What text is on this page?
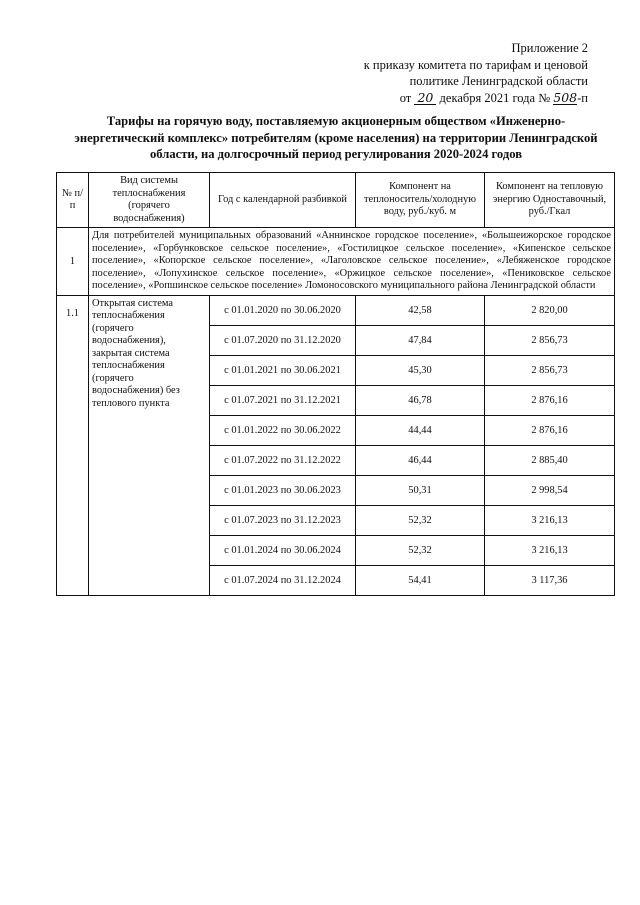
Приложение 2
к приказу комитета по тарифам и ценовой
политике Ленинградской области
от 20 декабря 2021 года № 508-п
Тарифы на горячую воду, поставляемую акционерным обществом «Инженерно-
энергетический комплекс» потребителям (кроме населения) на территории Ленинградской
области, на долгосрочный период регулирования 2020-2024 годов
№ п/п	Вид системы теплоснабжения (горячего водоснабжения)	Год с календарной разбивкой	Компонент на теплоноситель/холодную воду, руб./куб. м	Компонент на тепловую энергию Одноставочный, руб./Гкал
1	Для потребителей муниципальных образований «Аннинское городское поселение», «Большеижорское городское поселение», «Горбунковское сельское поселение», «Гостилицкое сельское поселение», «Кипенское сельское поселение», «Копорское сельское поселение», «Лаголовское сельское поселение», «Лебяженское городское поселение», «Лопухинское сельское поселение», «Оржицкое сельское поселение», «Пениковское сельское поселение», «Ропшинское сельское поселение» Ломоносовского муниципального района Ленинградской области			
1.1	Открытая система теплоснабжения (горячего водоснабжения), закрытая система теплоснабжения (горячего водоснабжения) без теплового пункта	с 01.01.2020 по 30.06.2020	42,58	2 820,00
		с 01.07.2020 по 31.12.2020	47,84	2 856,73
		с 01.01.2021 по 30.06.2021	45,30	2 856,73
		с 01.07.2021 по 31.12.2021	46,78	2 876,16
		с 01.01.2022 по 30.06.2022	44,44	2 876,16
		с 01.07.2022 по 31.12.2022	46,44	2 885,40
		с 01.01.2023 по 30.06.2023	50,31	2 998,54
		с 01.07.2023 по 31.12.2023	52,32	3 216,13
		с 01.01.2024 по 30.06.2024	52,32	3 216,13
		с 01.07.2024 по 31.12.2024	54,41	3 117,36
